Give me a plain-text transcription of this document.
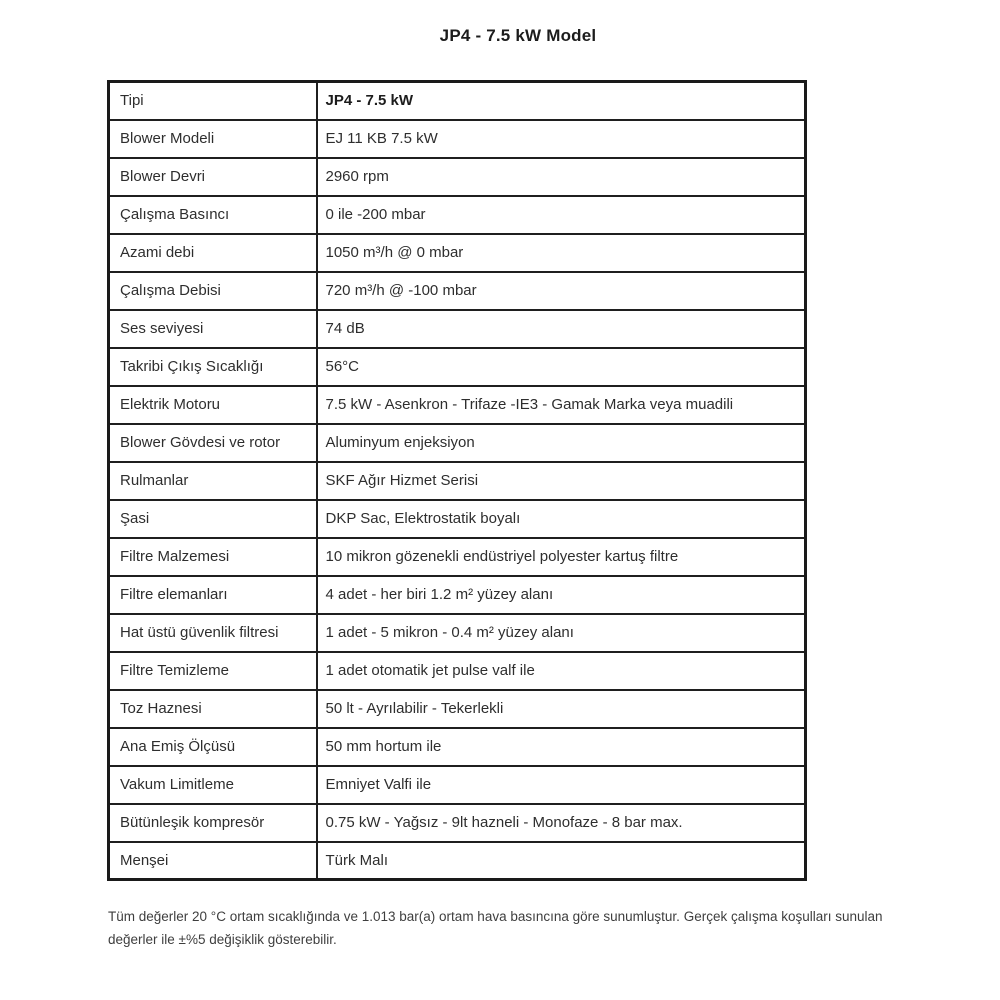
JP4 - 7.5 kW Model
Tipi	JP4 - 7.5 kW
Blower Modeli	EJ 11 KB 7.5 kW
Blower Devri	2960 rpm
Çalışma Basıncı	0 ile -200 mbar
Azami debi	1050 m³/h @ 0 mbar
Çalışma Debisi	720 m³/h @ -100 mbar
Ses seviyesi	74 dB
Takribi Çıkış Sıcaklığı	56°C
Elektrik Motoru	7.5 kW - Asenkron - Trifaze -IE3 - Gamak Marka veya muadili
Blower Gövdesi ve rotor	Aluminyum enjeksiyon
Rulmanlar	SKF Ağır Hizmet Serisi
Şasi	DKP Sac, Elektrostatik boyalı
Filtre Malzemesi	10 mikron gözenekli endüstriyel polyester kartuş filtre
Filtre elemanları	4 adet - her biri 1.2 m² yüzey alanı
Hat üstü güvenlik filtresi	1 adet - 5 mikron - 0.4 m² yüzey alanı
Filtre Temizleme	1 adet otomatik jet pulse valf ile
Toz Haznesi	50 lt - Ayrılabilir - Tekerlekli
Ana Emiş Ölçüsü	50 mm hortum ile
Vakum Limitleme	Emniyet Valfi ile
Bütünleşik kompresör	0.75 kW - Yağsız - 9lt hazneli - Monofaze - 8 bar max.
Menşei	Türk Malı
Tüm değerler 20 °C ortam sıcaklığında ve 1.013 bar(a) ortam hava basıncına göre sunumluştur. Gerçek çalışma koşulları sunulan
değerler ile ±%5 değişiklik gösterebilir.
